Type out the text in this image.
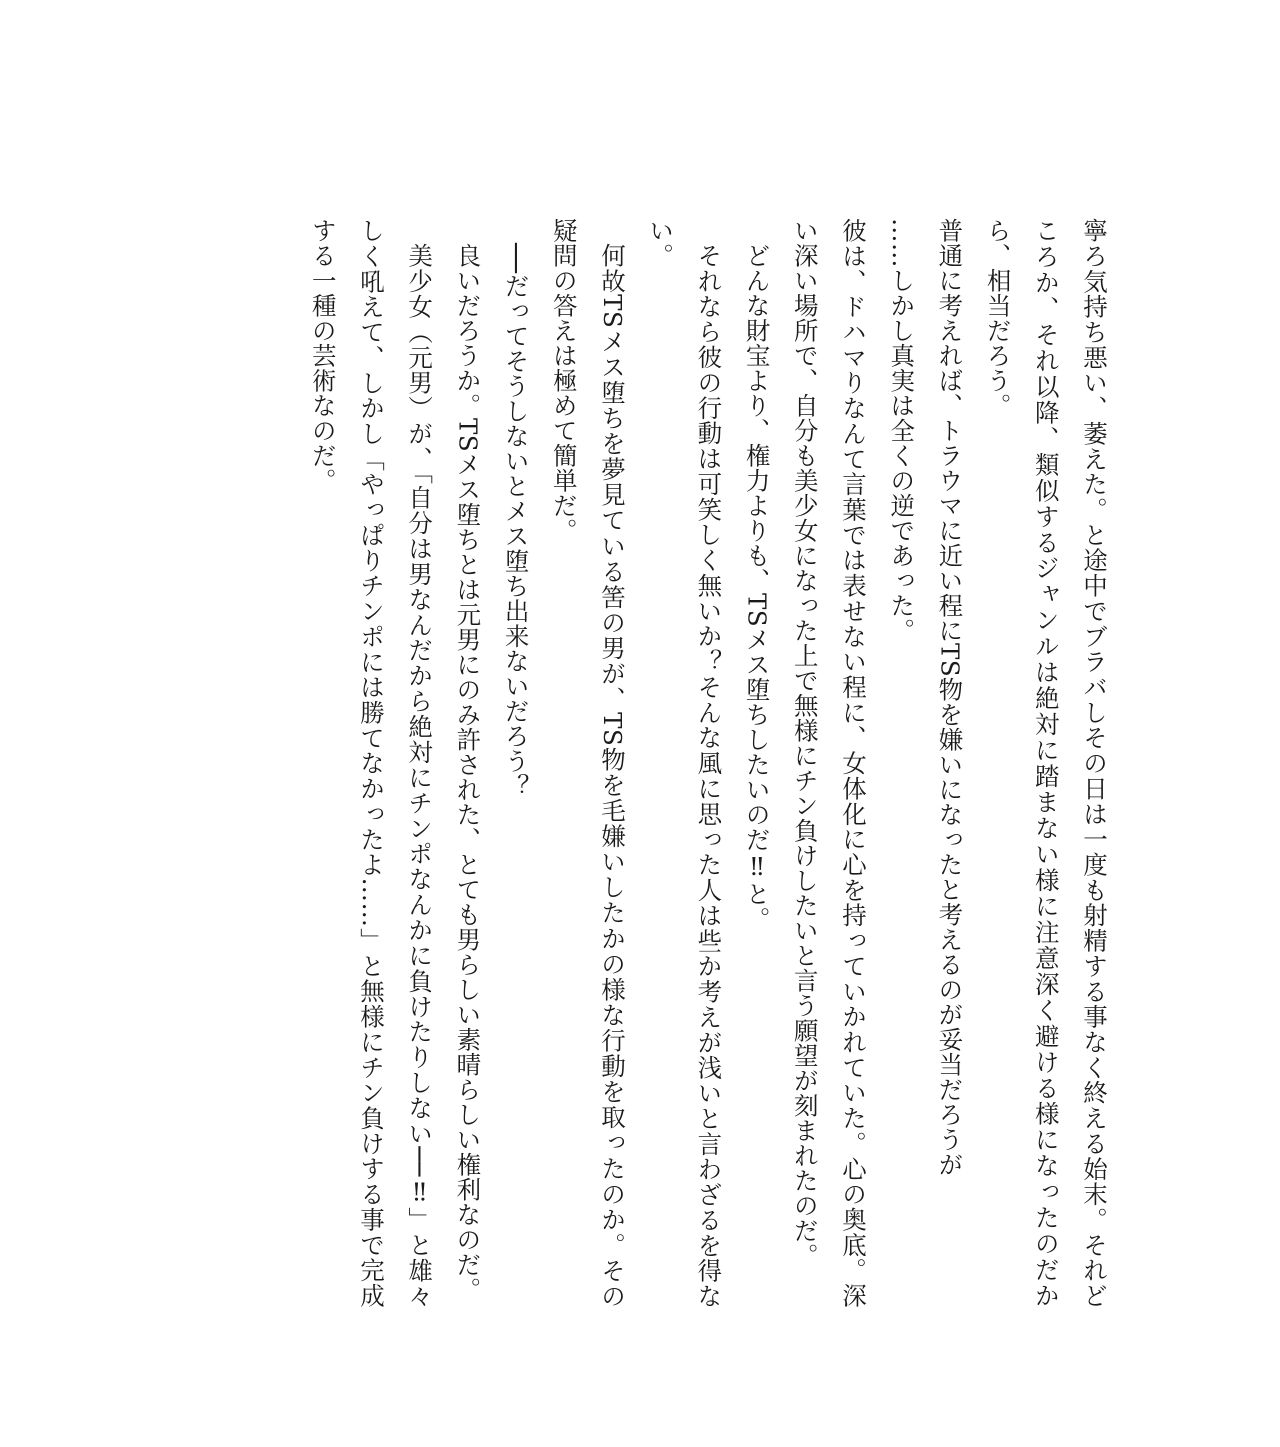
寧ろ気持ち悪い、萎えた。と途中でブラバしその日は一度も射精する事なく終える始末。それどころか、それ以降、類似するジャンルは絶対に踏まない様に注意深く避ける様になったのだから、相当だろう。

普通に考えれば、トラウマに近い程にTS物を嫌いになったと考えるのが妥当だろうが

……しかし真実は全くの逆であった。

彼は、ドハマりなんて言葉では表せない程に、女体化に心を持っていかれていた。心の奥底。深い深い場所で、自分も美少女になった上で無様にチン負けしたいと言う願望が刻まれたのだ。

どんな財宝より、権力よりも、TSメス堕ちしたいのだ‼と。

それなら彼の行動は可笑しく無いか？そんな風に思った人は些か考えが浅いと言わざるを得ない。

何故TSメス堕ちを夢見ている筈の男が、TS物を毛嫌いしたかの様な行動を取ったのか。その疑問の答えは極めて簡単だ。

──だってそうしないとメス堕ち出来ないだろう？

良いだろうか。TSメス堕ちとは元男にのみ許された、とても男らしい素晴らしい権利なのだ。

美少女（元男）が、「自分は男なんだから絶対にチンポなんかに負けたりしない──‼」と雄々しく吼えて、しかし「やっぱりチンポには勝てなかったよ……」と無様にチン負けする事で完成する一種の芸術なのだ。
